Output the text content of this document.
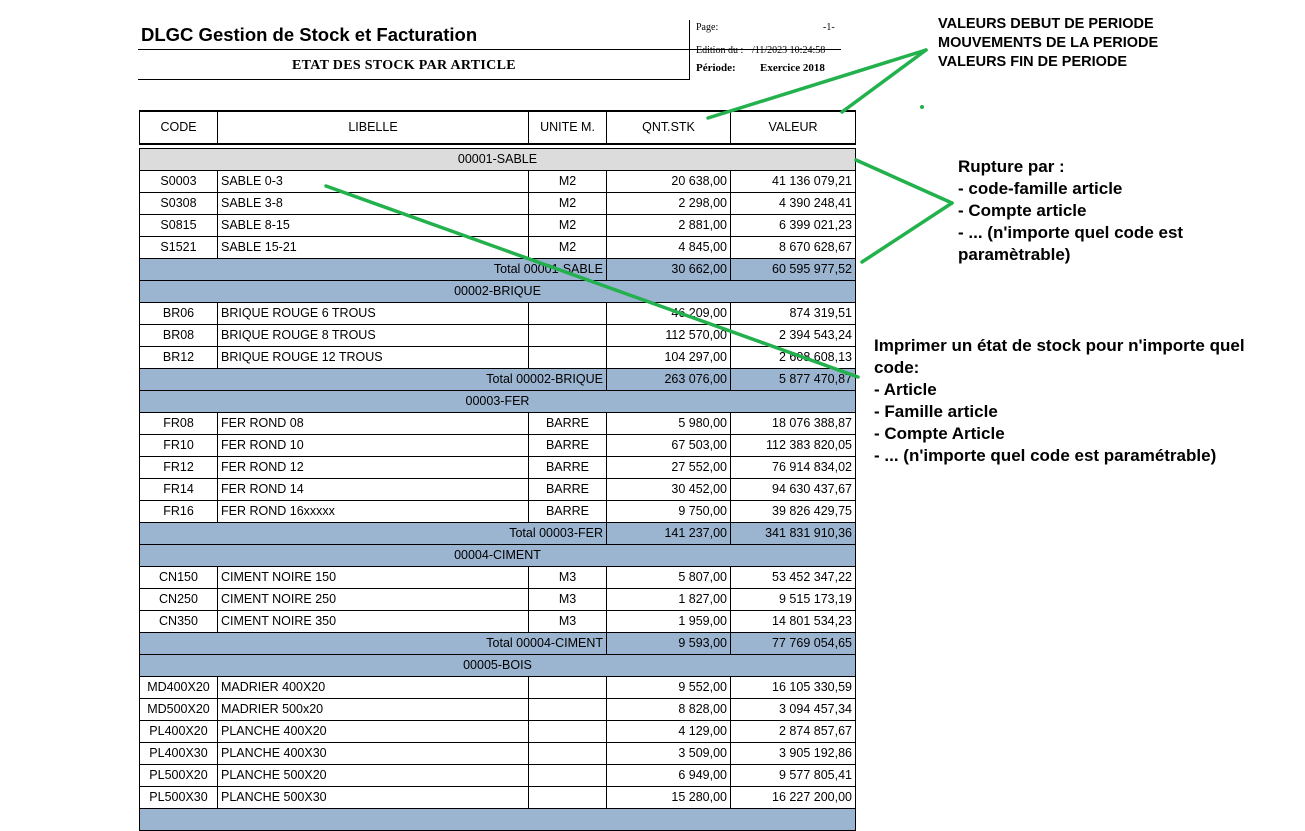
DLGC Gestion de Stock et Facturation
ETAT DES STOCK PAR ARTICLE
Page:	-1-
Edition du : /11/2023 10:24:58
Période: Exercice 2018
CODE	LIBELLE	UNITE M.	QNT.STK	VALEUR

00001-SABLE				
S0003	SABLE 0-3	M2	20 638,00	41 136 079,21
S0308	SABLE 3-8	M2	2 298,00	4 390 248,41
S0815	SABLE 8-15	M2	2 881,00	6 399 021,23
S1521	SABLE 15-21	M2	4 845,00	8 670 628,67
Total 00001-SABLE			30 662,00	60 595 977,52
00002-BRIQUE				
BR06	BRIQUE ROUGE 6 TROUS		46 209,00	874 319,51
BR08	BRIQUE ROUGE 8 TROUS		112 570,00	2 394 543,24
BR12	BRIQUE ROUGE 12 TROUS		104 297,00	2 608 608,13
Total 00002-BRIQUE			263 076,00	5 877 470,87
00003-FER				
FR08	FER ROND 08	BARRE	5 980,00	18 076 388,87
FR10	FER ROND 10	BARRE	67 503,00	112 383 820,05
FR12	FER ROND 12	BARRE	27 552,00	76 914 834,02
FR14	FER ROND 14	BARRE	30 452,00	94 630 437,67
FR16	FER ROND 16xxxxx	BARRE	9 750,00	39 826 429,75
Total 00003-FER			141 237,00	341 831 910,36
00004-CIMENT				
CN150	CIMENT NOIRE 150	M3	5 807,00	53 452 347,22
CN250	CIMENT NOIRE 250	M3	1 827,00	9 515 173,19
CN350	CIMENT NOIRE 350	M3	1 959,00	14 801 534,23
Total 00004-CIMENT			9 593,00	77 769 054,65
00005-BOIS				
MD400X20	MADRIER 400X20		9 552,00	16 105 330,59
MD500X20	MADRIER 500x20		8 828,00	3 094 457,34
PL400X20	PLANCHE 400X20		4 129,00	2 874 857,67
PL400X30	PLANCHE 400X30		3 509,00	3 905 192,86
PL500X20	PLANCHE 500X20		6 949,00	9 577 805,41
PL500X30	PLANCHE 500X30		15 280,00	16 227 200,00

VALEURS DEBUT DE PERIODE
MOUVEMENTS DE LA PERIODE
VALEURS FIN DE PERIODE
Rupture par :
- code-famille article
- Compte article
- ... (n'importe quel code est
paramètrable)
Imprimer un état de stock pour n'importe quel
code:
- Article
- Famille article
- Compte Article
- ... (n'importe quel code est paramétrable)
